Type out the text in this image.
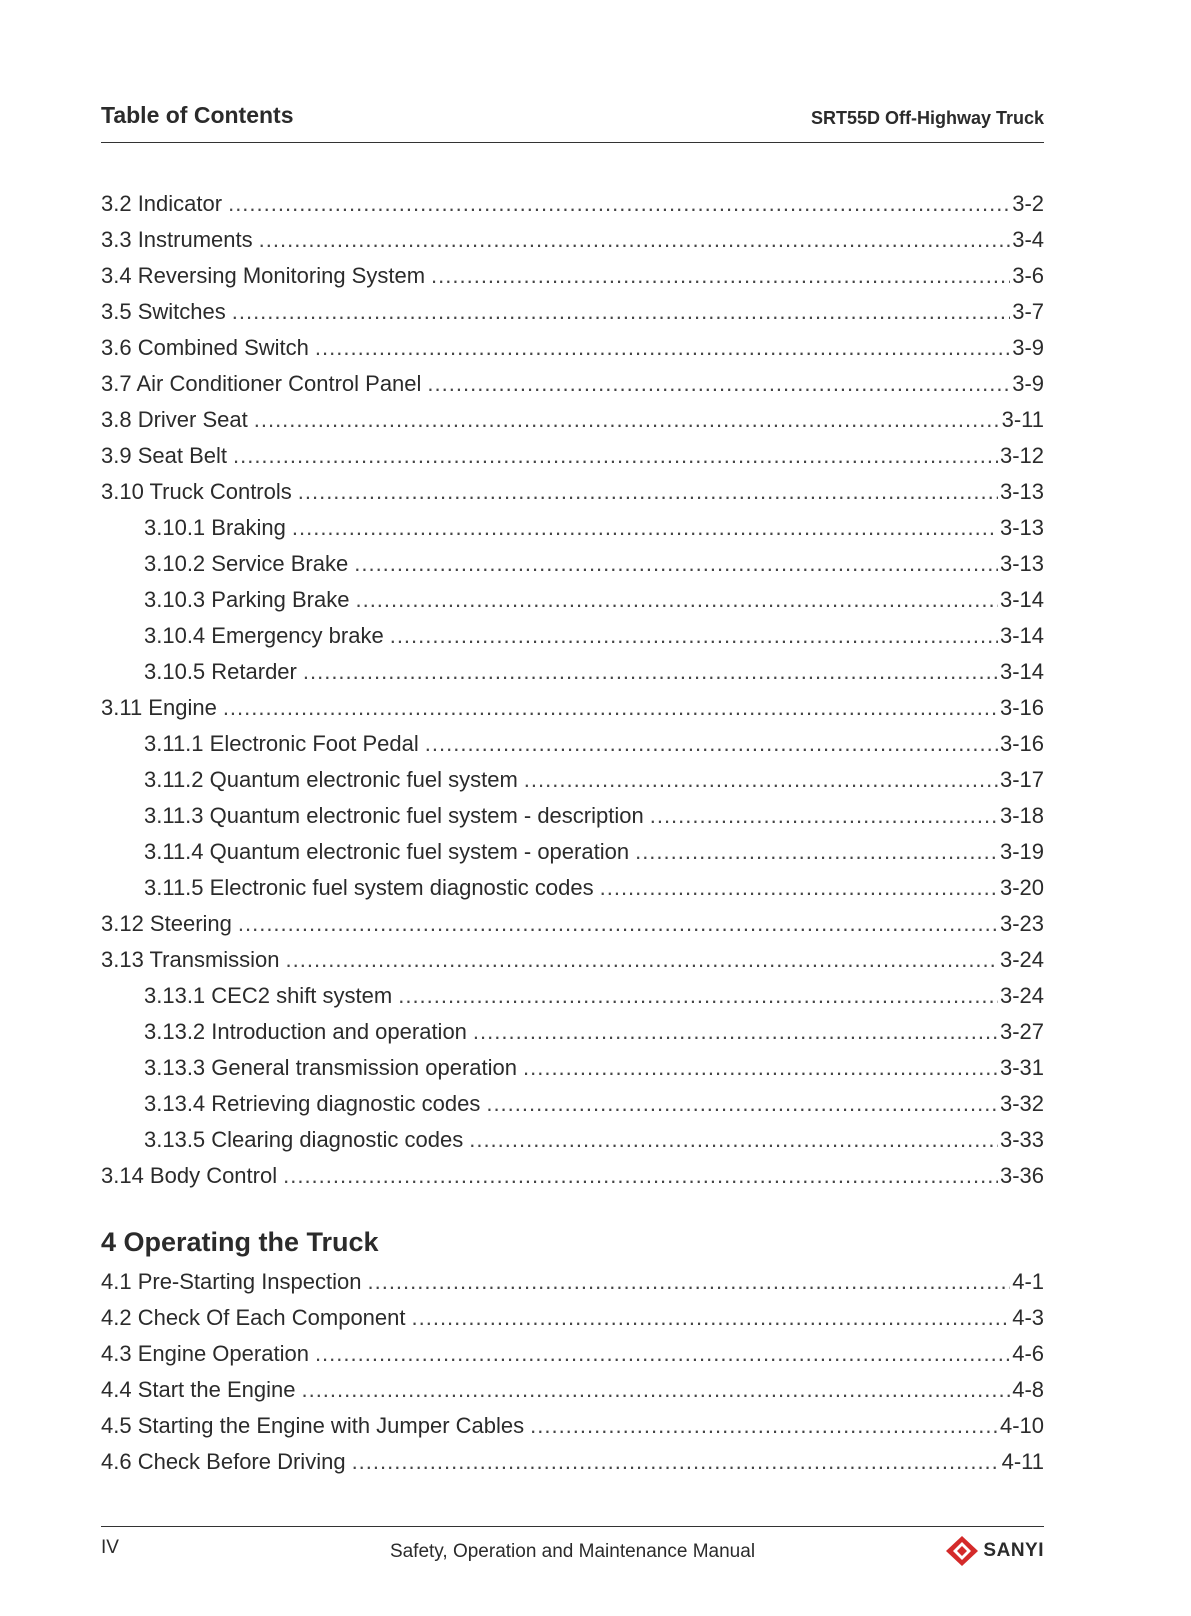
Table of Contents	SRT55D Off-Highway Truck
3.2 Indicator .....	3-2
3.3 Instruments .....	3-4
3.4 Reversing Monitoring System .....	3-6
3.5 Switches .....	3-7
3.6 Combined Switch .....	3-9
3.7 Air Conditioner Control Panel .....	3-9
3.8 Driver Seat .....	3-11
3.9 Seat Belt .....	3-12
3.10 Truck Controls .....	3-13
3.10.1 Braking .....	3-13
3.10.2 Service Brake .....	3-13
3.10.3 Parking Brake .....	3-14
3.10.4 Emergency brake .....	3-14
3.10.5 Retarder .....	3-14
3.11 Engine .....	3-16
3.11.1 Electronic Foot Pedal .....	3-16
3.11.2 Quantum electronic fuel system .....	3-17
3.11.3 Quantum electronic fuel system - description .....	3-18
3.11.4 Quantum electronic fuel system - operation .....	3-19
3.11.5 Electronic fuel system diagnostic codes .....	3-20
3.12 Steering .....	3-23
3.13 Transmission .....	3-24
3.13.1 CEC2 shift system .....	3-24
3.13.2 Introduction and operation .....	3-27
3.13.3 General transmission operation .....	3-31
3.13.4 Retrieving diagnostic codes .....	3-32
3.13.5 Clearing diagnostic codes .....	3-33
3.14 Body Control .....	3-36
4 Operating the Truck
4.1 Pre-Starting Inspection .....	4-1
4.2 Check Of Each Component .....	4-3
4.3 Engine Operation .....	4-6
4.4 Start the Engine .....	4-8
4.5 Starting the Engine with Jumper Cables .....	4-10
4.6 Check Before Driving .....	4-11
IV	Safety, Operation and Maintenance Manual	SANYI
